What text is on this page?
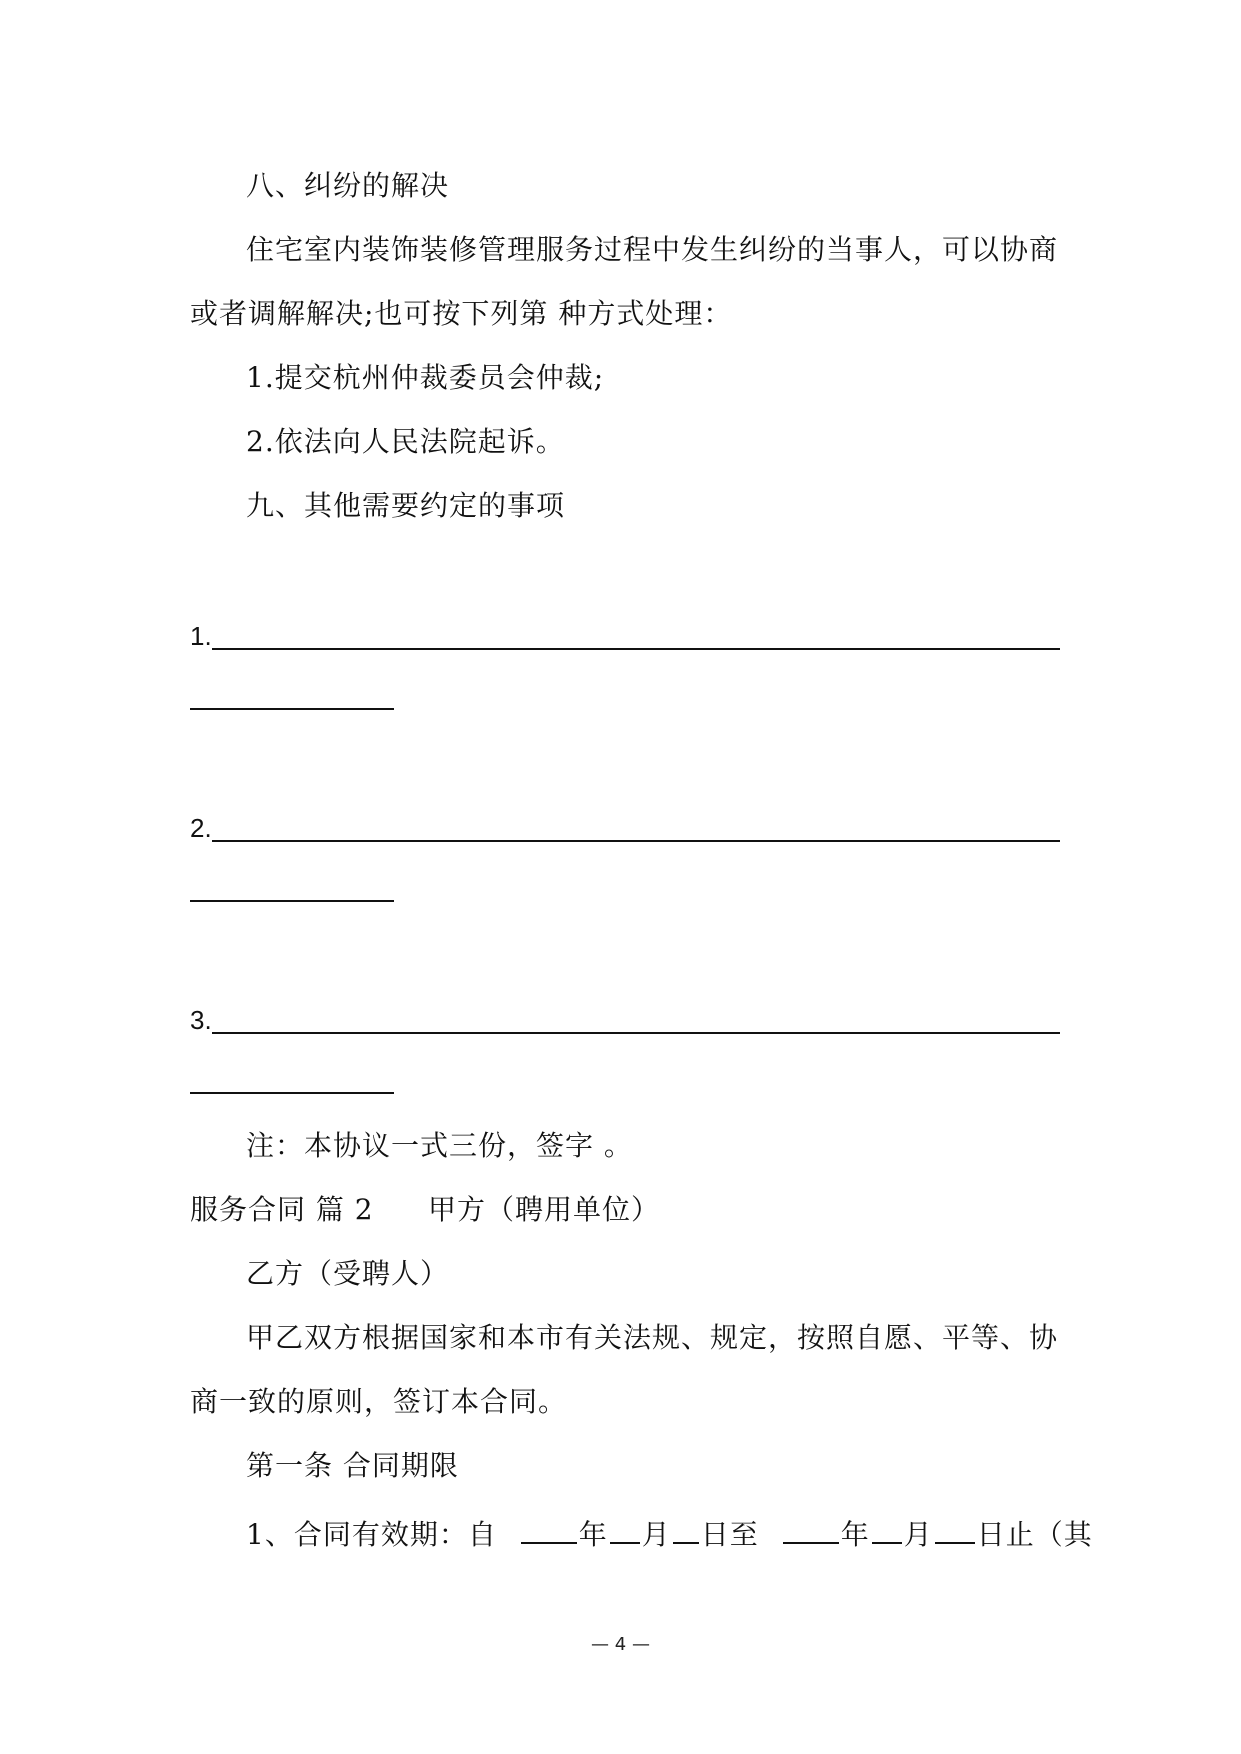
八、纠纷的解决
住宅室内装饰装修管理服务过程中发生纠纷的当事人，可以协商
或者调解解决;也可按下列第 种方式处理：
1.提交杭州仲裁委员会仲裁;
2.依法向人民法院起诉。
九、其他需要约定的事项
1.
2.
3.
注：本协议一式三份，签字 。
服务合同 篇 2 甲方（聘用单位）
乙方（受聘人）
甲乙双方根据国家和本市有关法规、规定，按照自愿、平等、协
商一致的原则，签订本合同。
第一条 合同期限
1、合同有效期：自	年 月 日至	年 月 日止（其
— 4 —
